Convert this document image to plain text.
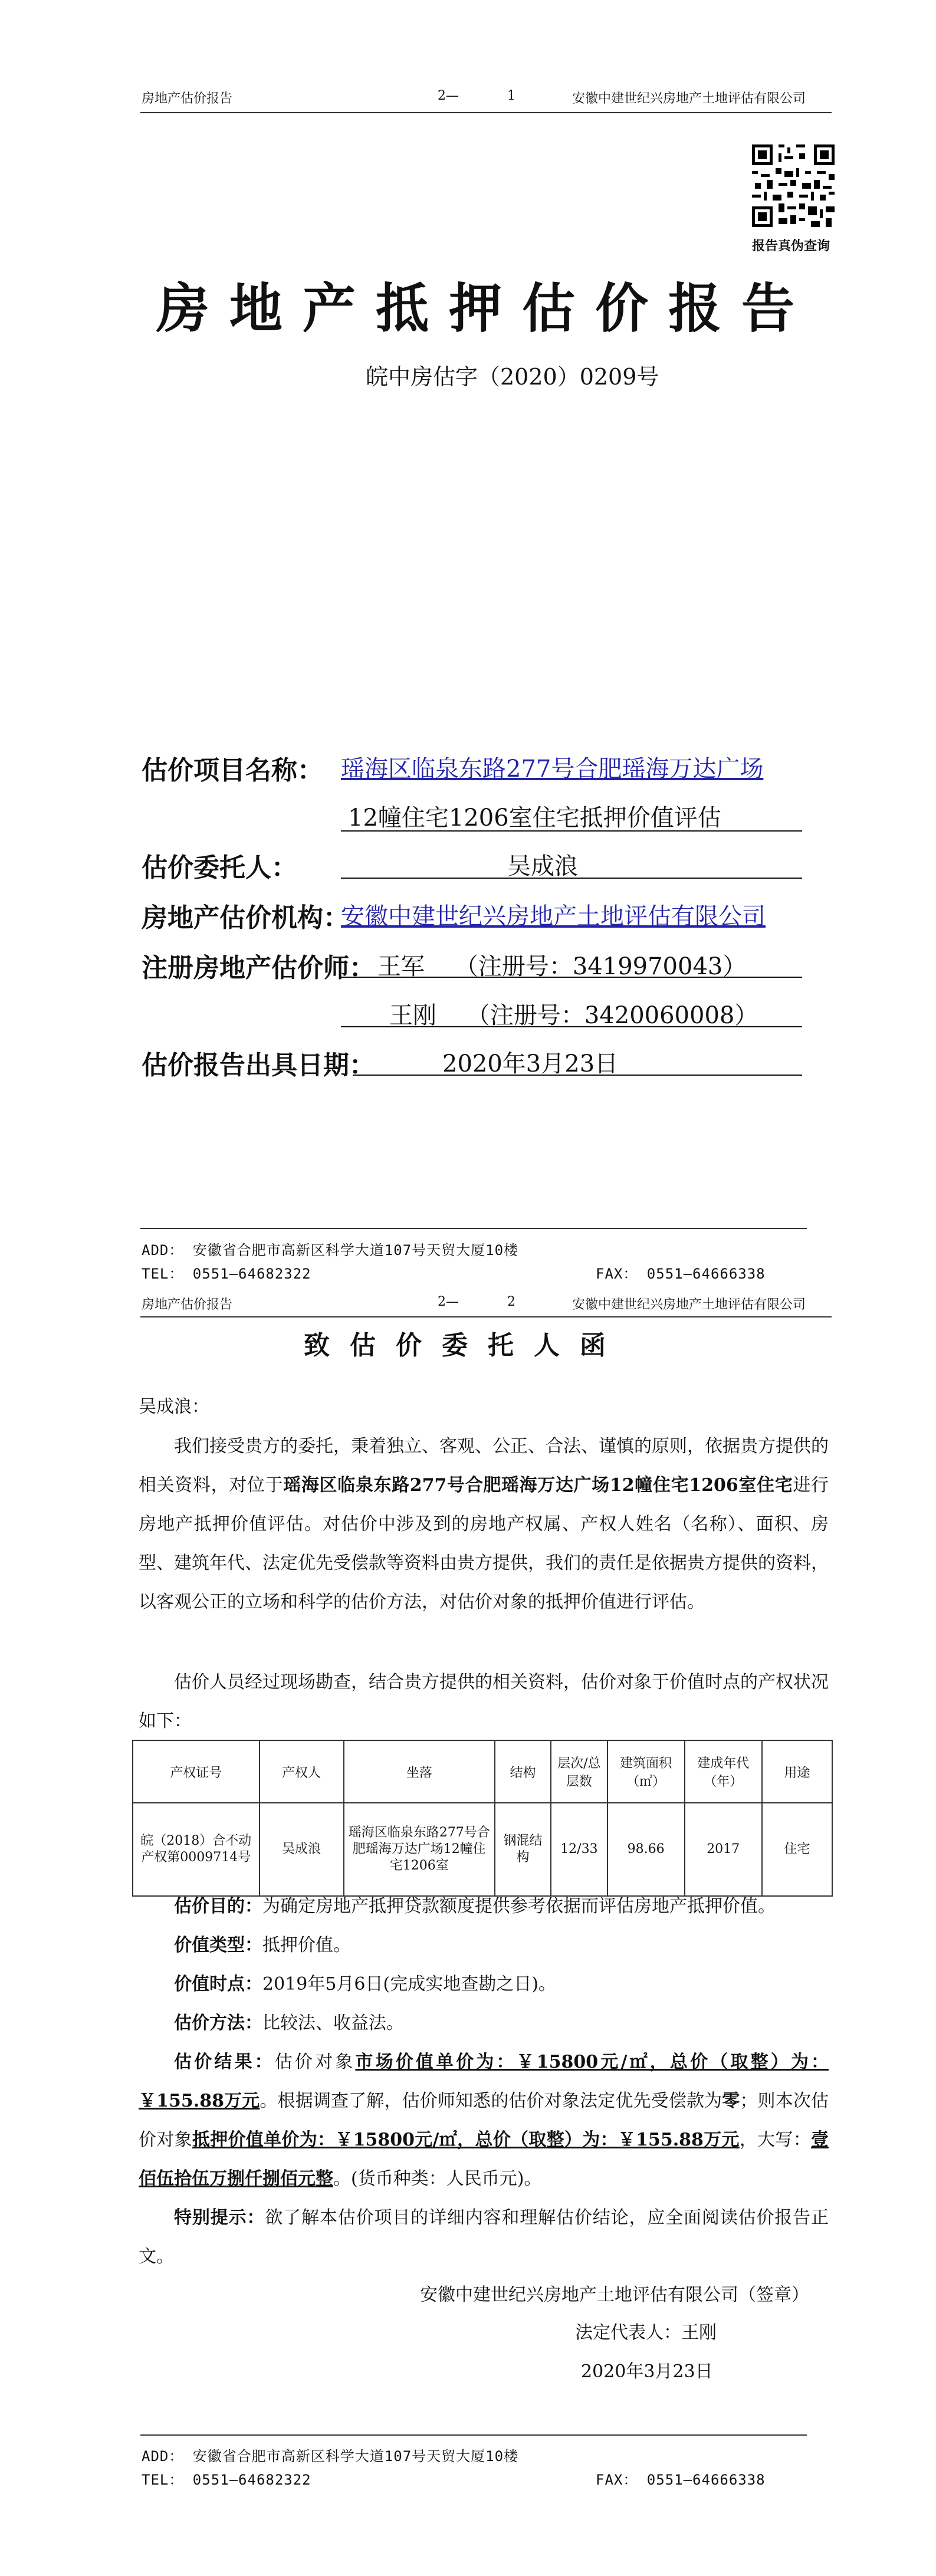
房地产估价报告	2—	1	安徽中建世纪兴房地产土地评估有限公司
报告真伪查询
房地产抵押估价报告
皖中房估字（2020）0209号
估价项目名称： 瑶海区临泉东路277号合肥瑶海万达广场
12幢住宅1206室住宅抵押价值评估
估价委托人：	吴成浪
房地产估价机构：
安徽中建世纪兴房地产土地评估有限公司
注册房地产估价师： 王军    （注册号：3419970043）
王刚    （注册号：3420060008）
估价报告出具日期：	2020年3月23日
ADD： 安徽省合肥市高新区科学大道107号天贸大厦10楼
TEL： 0551—64682322	FAX： 0551—64666338
房地产估价报告	2—	2	安徽中建世纪兴房地产土地评估有限公司
致估价委托人函
吴成浪：
我们接受贵方的委托，秉着独立、客观、公正、合法、谨慎的原则，依据贵方提供的相关资料，对位于瑶海区临泉东路277号合肥瑶海万达广场12幢住宅1206室住宅进行房地产抵押价值评估。对估价中涉及到的房地产权属、产权人姓名（名称）、面积、房型、建筑年代、法定优先受偿款等资料由贵方提供，我们的责任是依据贵方提供的资料，以客观公正的立场和科学的估价方法，对估价对象的抵押价值进行评估。
估价人员经过现场勘查，结合贵方提供的相关资料，估价对象于价值时点的产权状况如下：
产权证号	产权人	坐落	结构	层次/总层数	建筑面积（㎡）	建成年代（年）	用途
皖（2018）合不动产权第0009714号	吴成浪	瑶海区临泉东路277号合肥瑶海万达广场12幢住宅1206室	钢混结构	12/33	98.66	2017	住宅
估价目的：为确定房地产抵押贷款额度提供参考依据而评估房地产抵押价值。
价值类型：抵押价值。
价值时点：2019年5月6日(完成实地查勘之日)。
估价方法：比较法、收益法。
估价结果：估价对象市场价值单价为：￥15800元/㎡，总价（取整）为：￥155.88万元。根据调查了解，估价师知悉的估价对象法定优先受偿款为零；则本次估价对象抵押价值单价为：￥15800元/㎡，总价（取整）为：￥155.88万元，大写：壹佰伍拾伍万捌仟捌佰元整。(货币种类：人民币元)。
特别提示：欲了解本估价项目的详细内容和理解估价结论，应全面阅读估价报告正文。
安徽中建世纪兴房地产土地评估有限公司（签章）
法定代表人：王刚
2020年3月23日
ADD： 安徽省合肥市高新区科学大道107号天贸大厦10楼
TEL： 0551—64682322	FAX： 0551—64666338
